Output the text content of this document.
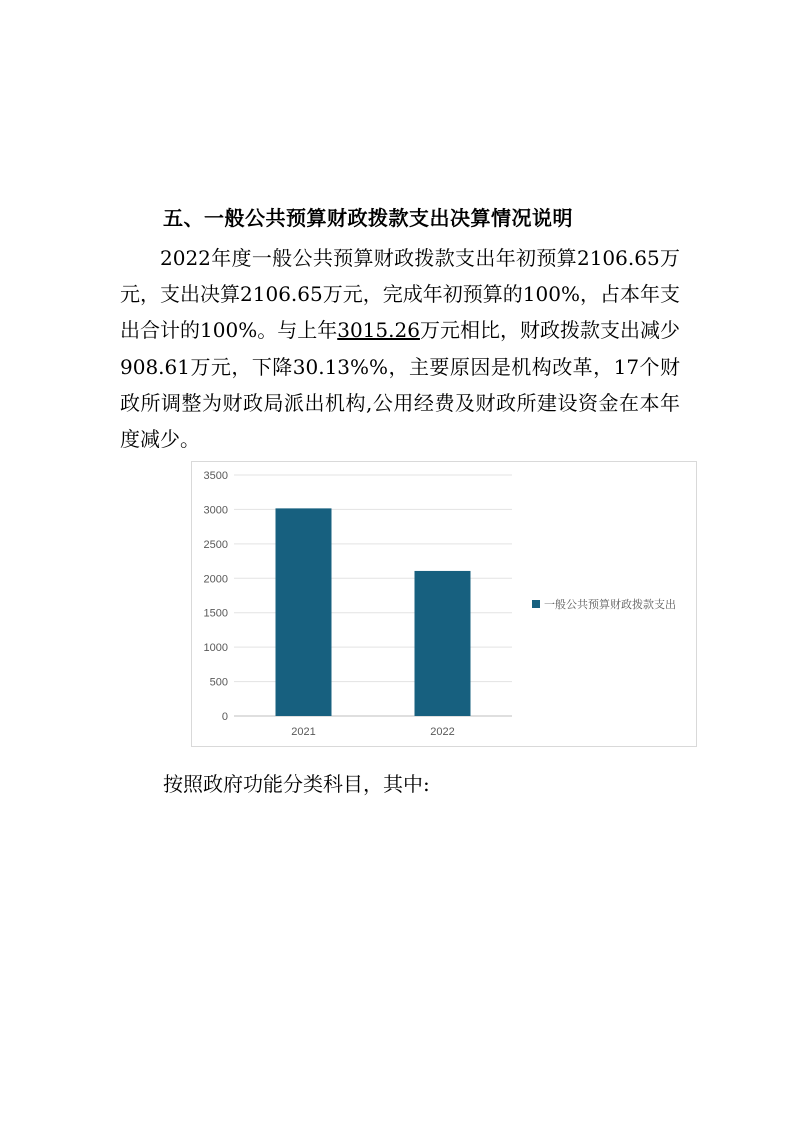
五、一般公共预算财政拨款支出决算情况说明

2022年度一般公共预算财政拨款支出年初预算2106.65万元，支出决算2106.65万元，完成年初预算的100%，占本年支出合计的100%。与上年3015.26万元相比，财政拨款支出减少908.61万元，下降30.13%%，主要原因是机构改革，17个财政所调整为财政局派出机构,公用经费及财政所建设资金在本年度减少。

0
500
1000
1500
2000
2500
3000
3500
2021	2022
一般公共预算财政拨款支出
按照政府功能分类科目，其中:
